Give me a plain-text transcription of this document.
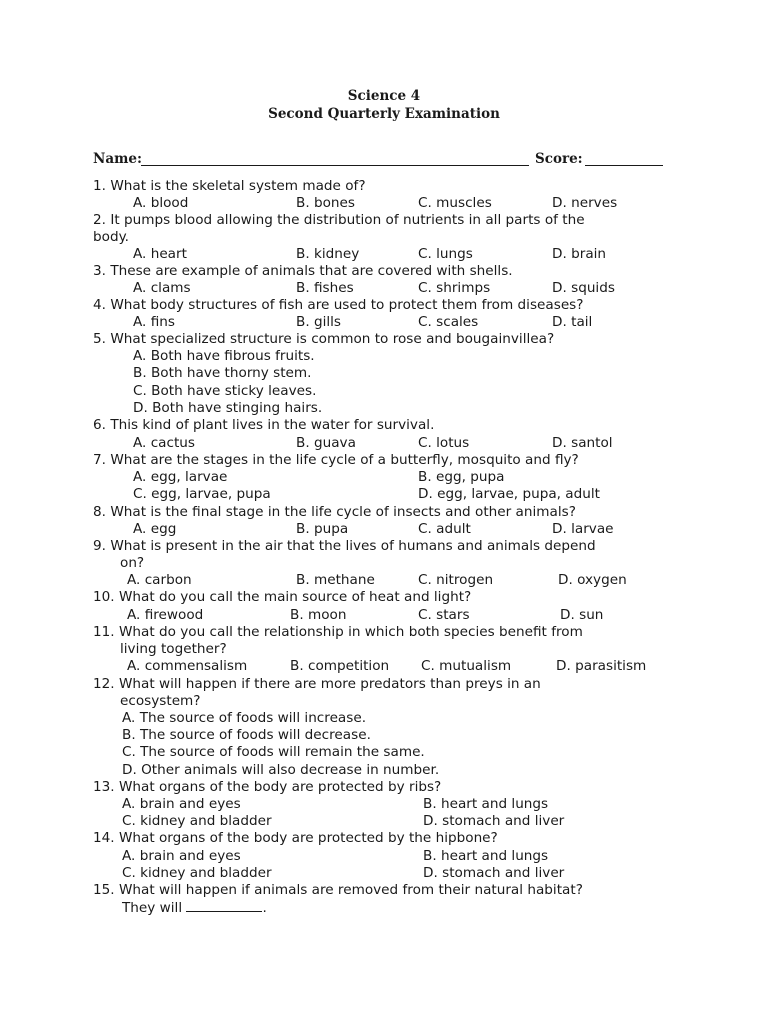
Science 4
Second Quarterly Examination
Name:	Score:
1. What is the skeletal system made of?
A. blood	B. bones	C. muscles	D. nerves
2. It pumps blood allowing the distribution of nutrients in all parts of the
body.
A. heart	B. kidney	C. lungs	D. brain
3. These are example of animals that are covered with shells.
A. clams	B. fishes	C. shrimps	D. squids
4. What body structures of fish are used to protect them from diseases?
A. fins	B. gills	C. scales	D. tail
5. What specialized structure is common to rose and bougainvillea?
A. Both have fibrous fruits.
B. Both have thorny stem.
C. Both have sticky leaves.
D. Both have stinging hairs.
6. This kind of plant lives in the water for survival.
A. cactus	B. guava	C. lotus	D. santol
7. What are the stages in the life cycle of a butterfly, mosquito and fly?
A. egg, larvae	B. egg, pupa
C. egg, larvae, pupa	D. egg, larvae, pupa, adult
8. What is the final stage in the life cycle of insects and other animals?
A. egg	B. pupa	C. adult	D. larvae
9. What is present in the air that the lives of humans and animals depend
on?
A. carbon	B. methane	C. nitrogen	D. oxygen
10. What do you call the main source of heat and light?
A. firewood	B. moon	C. stars	D. sun
11. What do you call the relationship in which both species benefit from
living together?
A. commensalism	B. competition C. mutualism	D. parasitism
12. What will happen if there are more predators than preys in an
ecosystem?
A. The source of foods will increase.
B. The source of foods will decrease.
C. The source of foods will remain the same.
D. Other animals will also decrease in number.
13. What organs of the body are protected by ribs?
A. brain and eyes	B. heart and lungs
C. kidney and bladder	D. stomach and liver
14. What organs of the body are protected by the hipbone?
A. brain and eyes	B. heart and lungs
C. kidney and bladder	D. stomach and liver
15. What will happen if animals are removed from their natural habitat?
They will	.
